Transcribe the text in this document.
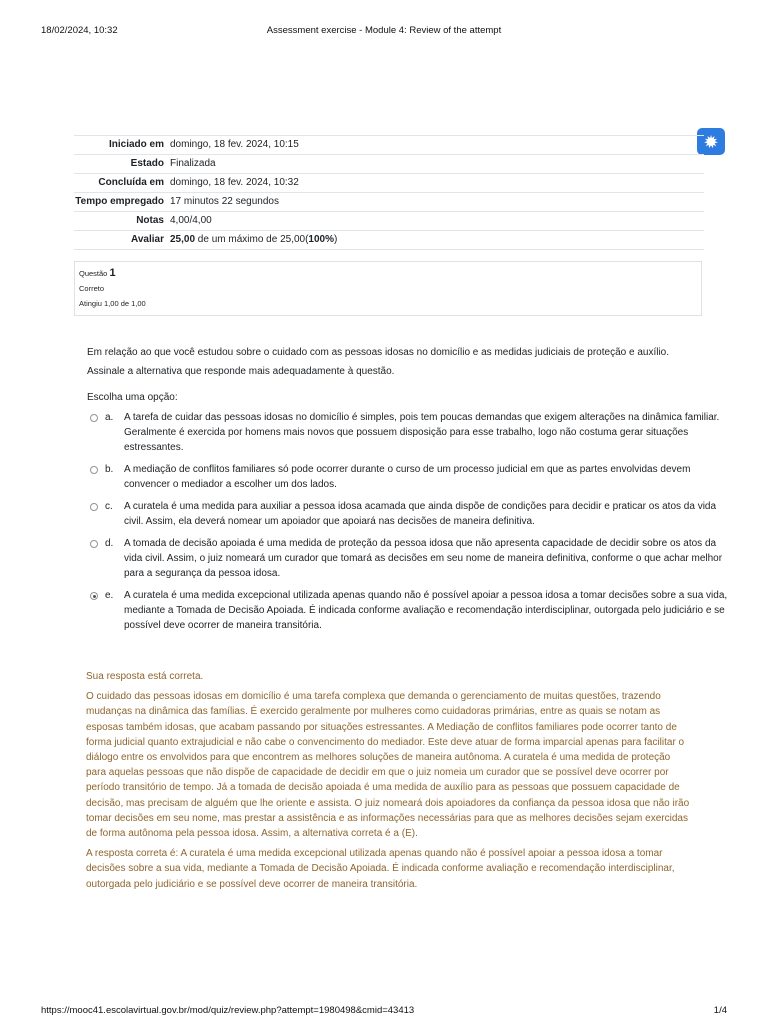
18/02/2024, 10:32	Assessment exercise - Module 4: Review of the attempt
Iniciado em domingo, 18 fev. 2024, 10:15
Estado Finalizada
Concluída em domingo, 18 fev. 2024, 10:32
Tempo empregado 17 minutos 22 segundos
Notas 4,00/4,00
Avaliar 25,00 de um máximo de 25,00(100%)
Questão 1
Correto
Atingiu 1,00 de 1,00
Em relação ao que você estudou sobre o cuidado com as pessoas idosas no domicílio e as medidas judiciais de proteção e auxílio. Assinale a alternativa que responde mais adequadamente à questão.
Escolha uma opção:
a. A tarefa de cuidar das pessoas idosas no domicílio é simples, pois tem poucas demandas que exigem alterações na dinâmica familiar. Geralmente é exercida por homens mais novos que possuem disposição para esse trabalho, logo não costuma gerar situações estressantes.
b. A mediação de conflitos familiares só pode ocorrer durante o curso de um processo judicial em que as partes envolvidas devem convencer o mediador a escolher um dos lados.
c. A curatela é uma medida para auxiliar a pessoa idosa acamada que ainda dispõe de condições para decidir e praticar os atos da vida civil. Assim, ela deverá nomear um apoiador que apoiará nas decisões de maneira definitiva.
d. A tomada de decisão apoiada é uma medida de proteção da pessoa idosa que não apresenta capacidade de decidir sobre os atos da vida civil. Assim, o juiz nomeará um curador que tomará as decisões em seu nome de maneira definitiva, conforme o que achar melhor para a segurança da pessoa idosa.
e. A curatela é uma medida excepcional utilizada apenas quando não é possível apoiar a pessoa idosa a tomar decisões sobre a sua vida, mediante a Tomada de Decisão Apoiada. É indicada conforme avaliação e recomendação interdisciplinar, outorgada pelo judiciário e se possível deve ocorrer de maneira transitória.

Sua resposta está correta.

O cuidado das pessoas idosas em domicílio é uma tarefa complexa que demanda o gerenciamento de muitas questões, trazendo mudanças na dinâmica das famílias. É exercido geralmente por mulheres como cuidadoras primárias, entre as quais se notam as esposas também idosas, que acabam passando por situações estressantes. A Mediação de conflitos familiares pode ocorrer tanto de forma judicial quanto extrajudicial e não cabe o convencimento do mediador. Este deve atuar de forma imparcial apenas para facilitar o diálogo entre os envolvidos para que encontrem as melhores soluções de maneira autônoma. A curatela é uma medida de proteção para aquelas pessoas que não dispõe de capacidade de decidir em que o juiz nomeia um curador que se possível deve ocorrer por período transitório de tempo. Já a tomada de decisão apoiada é uma medida de auxílio para as pessoas que possuem capacidade de decisão, mas precisam de alguém que lhe oriente e assista. O juiz nomeará dois apoiadores da confiança da pessoa idosa que não irão tomar decisões em seu nome, mas prestar a assistência e as informações necessárias para que as melhores decisões sejam exercidas de forma autônoma pela pessoa idosa. Assim, a alternativa correta é a (E).

A resposta correta é: A curatela é uma medida excepcional utilizada apenas quando não é possível apoiar a pessoa idosa a tomar decisões sobre a sua vida, mediante a Tomada de Decisão Apoiada. É indicada conforme avaliação e recomendação interdisciplinar, outorgada pelo judiciário e se possível deve ocorrer de maneira transitória.

https://mooc41.escolavirtual.gov.br/mod/quiz/review.php?attempt=1980498&cmid=43413	1/4
